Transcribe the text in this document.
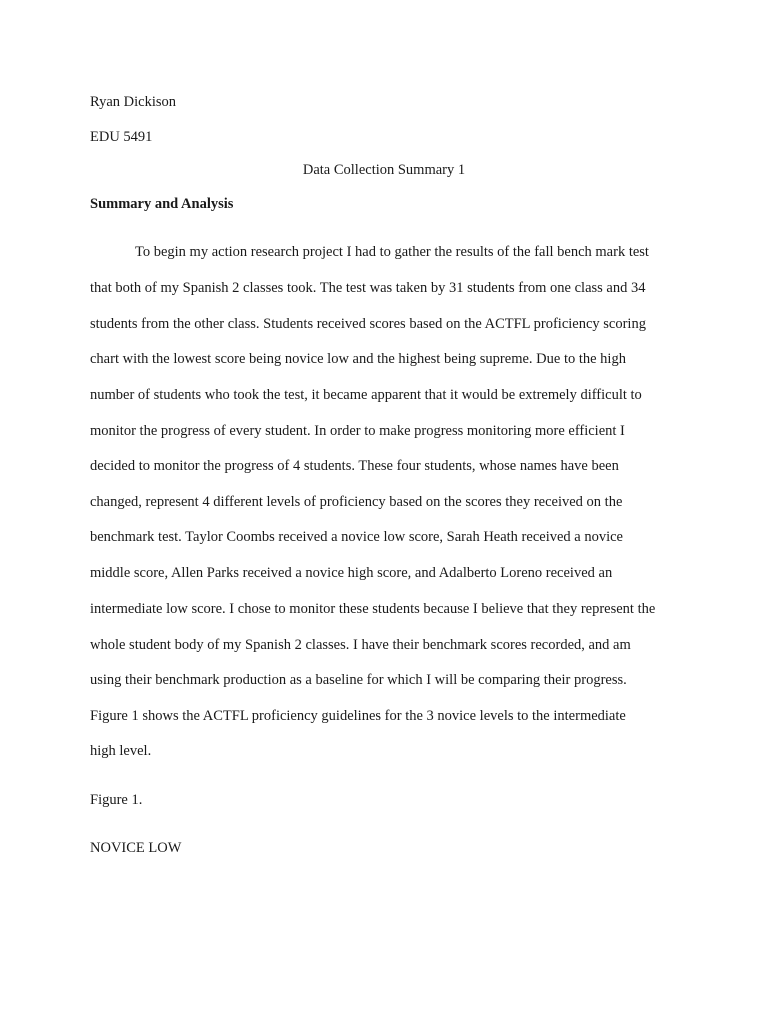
Ryan Dickison
EDU 5491
Data Collection Summary 1
Summary and Analysis
To begin my action research project I had to gather the results of the fall bench mark test
that both of my Spanish 2 classes took. The test was taken by 31 students from one class and 34
students from the other class. Students received scores based on the ACTFL proficiency scoring
chart with the lowest score being novice low and the highest being supreme. Due to the high
number of students who took the test, it became apparent that it would be extremely difficult to
monitor the progress of every student. In order to make progress monitoring more efficient I
decided to monitor the progress of 4 students. These four students, whose names have been
changed, represent 4 different levels of proficiency based on the scores they received on the
benchmark test. Taylor Coombs received a novice low score, Sarah Heath received a novice
middle score, Allen Parks received a novice high score, and Adalberto Loreno received an
intermediate low score. I chose to monitor these students because I believe that they represent the
whole student body of my Spanish 2 classes. I have their benchmark scores recorded, and am
using their benchmark production as a baseline for which I will be comparing their progress.
Figure 1 shows the ACTFL proficiency guidelines for the 3 novice levels to the intermediate
high level.
Figure 1.
NOVICE LOW
